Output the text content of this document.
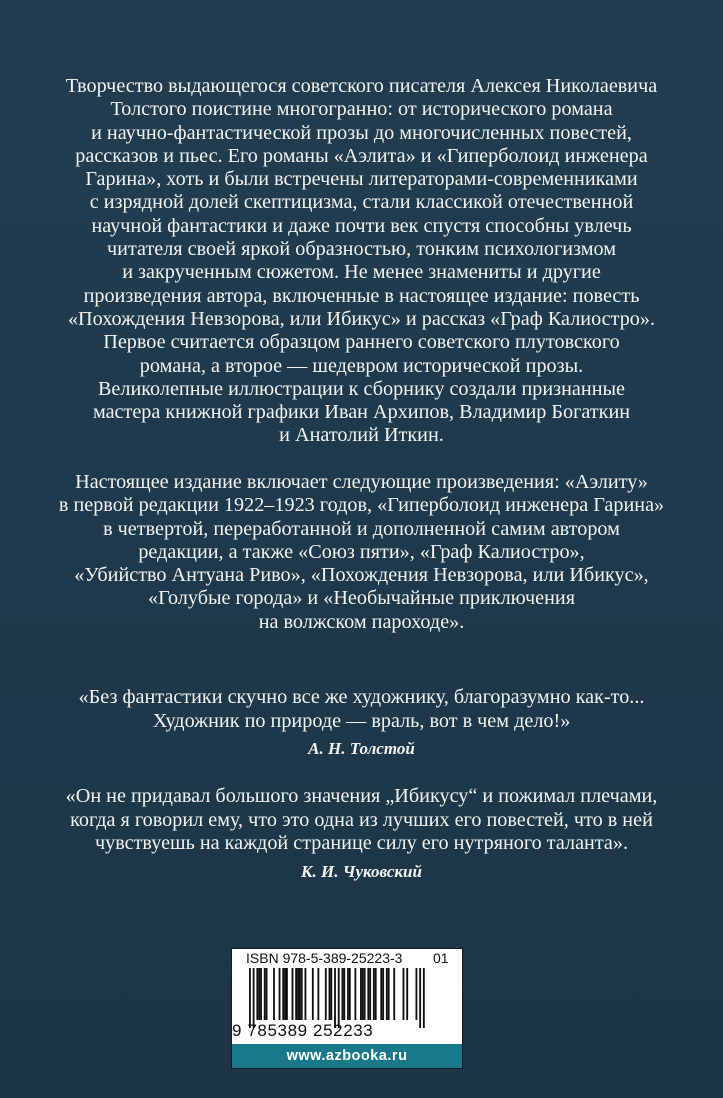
Творчество выдающегося советского писателя Алексея Николаевича
Толстого поистине многогранно: от исторического романа
и научно-фантастической прозы до многочисленных повестей,
рассказов и пьес. Его романы «Аэлита» и «Гиперболоид инженера
Гарина», хоть и были встречены литераторами-современниками
с изрядной долей скептицизма, стали классикой отечественной
научной фантастики и даже почти век спустя способны увлечь
читателя своей яркой образностью, тонким психологизмом
и закрученным сюжетом. Не менее знамениты и другие
произведения автора, включенные в настоящее издание: повесть
«Похождения Невзорова, или Ибикус» и рассказ «Граф Калиостро».
Первое считается образцом раннего советского плутовского
романа, а второе — шедевром исторической прозы.
Великолепные иллюстрации к сборнику создали признанные
мастера книжной графики Иван Архипов, Владимир Богаткин
и Анатолий Иткин.

Настоящее издание включает следующие произведения: «Аэлиту»
в первой редакции 1922–1923 годов, «Гиперболоид инженера Гарина»
в четвертой, переработанной и дополненной самим автором
редакции, а также «Союз пяти», «Граф Калиостро»,
«Убийство Антуана Риво», «Похождения Невзорова, или Ибикус»,
«Голубые города» и «Необычайные приключения
на волжском пароходе».

«Без фантастики скучно все же художнику, благоразумно как-то...
Художник по природе — враль, вот в чем дело!»
А. Н. Толстой

«Он не придавал большого значения „Ибикусу“ и пожимал плечами,
когда я говорил ему, что это одна из лучших его повестей, что в ней
чувствуешь на каждой странице силу его нутряного таланта».
К. И. Чуковский

ISBN 978-5-389-25223-3 01
9 785389 252233
www.azbooka.ru
